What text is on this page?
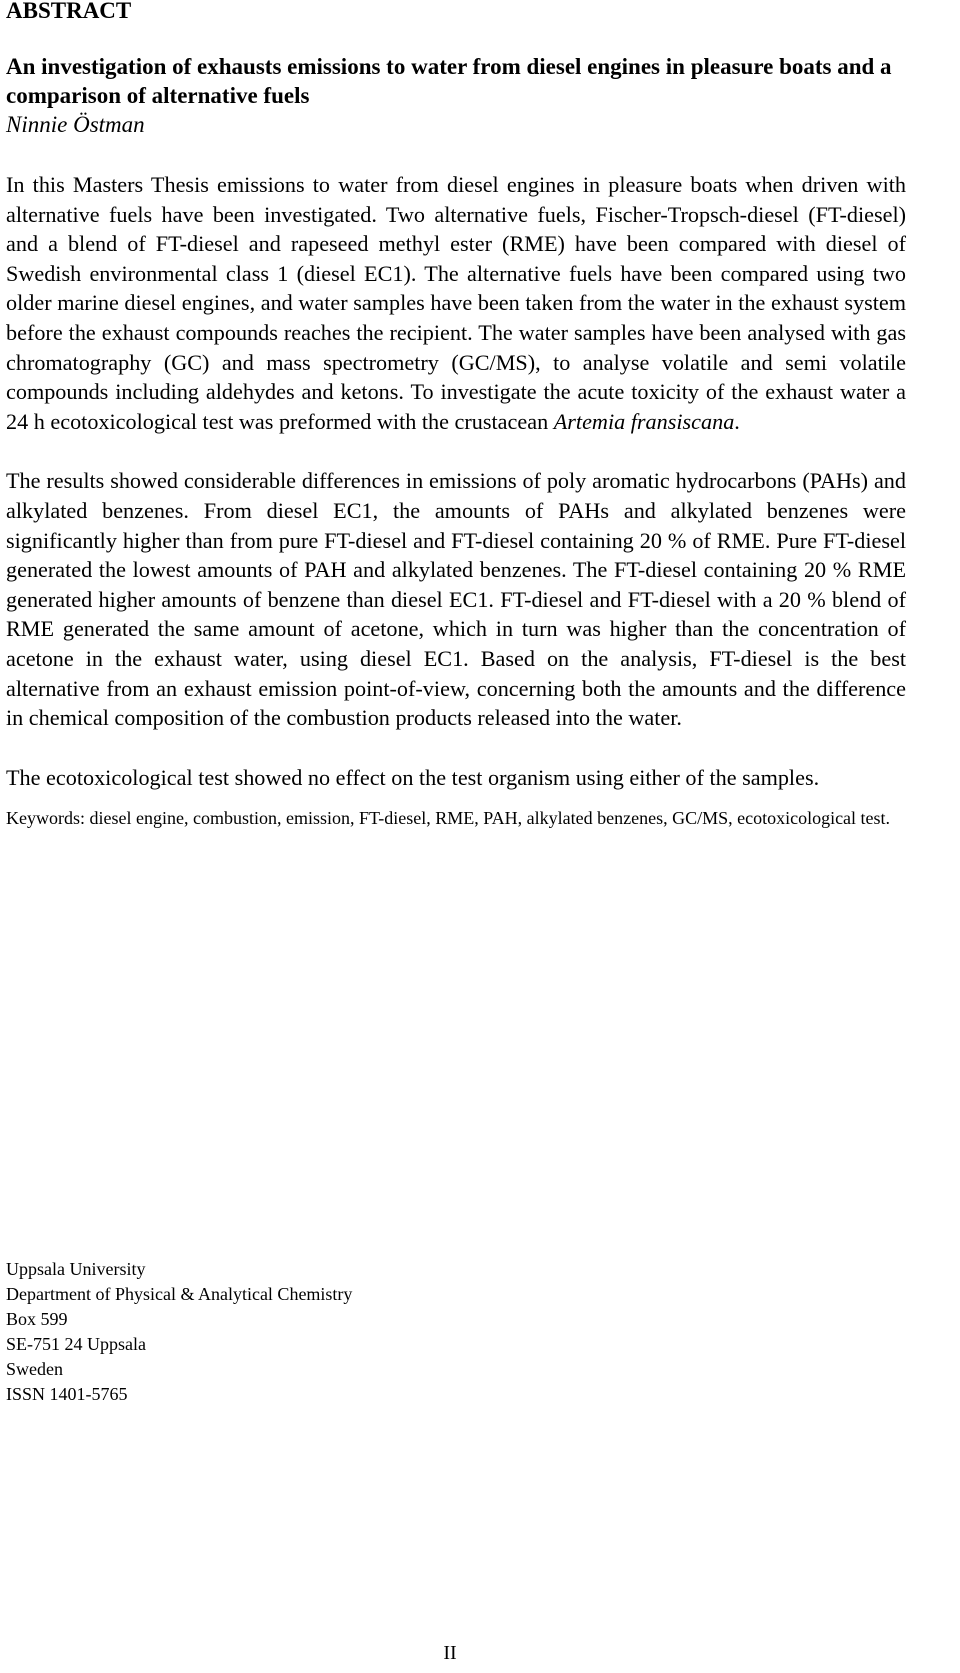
ABSTRACT
An investigation of exhausts emissions to water from diesel engines in pleasure boats and a comparison of alternative fuels
Ninnie Östman

In this Masters Thesis emissions to water from diesel engines in pleasure boats when driven with alternative fuels have been investigated. Two alternative fuels, Fischer-Tropsch-diesel (FT-diesel) and a blend of FT-diesel and rapeseed methyl ester (RME) have been compared with diesel of Swedish environmental class 1 (diesel EC1). The alternative fuels have been compared using two older marine diesel engines, and water samples have been taken from the water in the exhaust system before the exhaust compounds reaches the recipient. The water samples have been analysed with gas chromatography (GC) and mass spectrometry (GC/MS), to analyse volatile and semi volatile compounds including aldehydes and ketons. To investigate the acute toxicity of the exhaust water a 24 h ecotoxicological test was preformed with the crustacean Artemia fransiscana.

The results showed considerable differences in emissions of poly aromatic hydrocarbons (PAHs) and alkylated benzenes. From diesel EC1, the amounts of PAHs and alkylated benzenes were significantly higher than from pure FT-diesel and FT-diesel containing 20 % of RME. Pure FT-diesel generated the lowest amounts of PAH and alkylated benzenes. The FT-diesel containing 20 % RME generated higher amounts of benzene than diesel EC1. FT-diesel and FT-diesel with a 20 % blend of RME generated the same amount of acetone, which in turn was higher than the concentration of acetone in the exhaust water, using diesel EC1. Based on the analysis, FT-diesel is the best alternative from an exhaust emission point-of-view, concerning both the amounts and the difference in chemical composition of the combustion products released into the water.

The ecotoxicological test showed no effect on the test organism using either of the samples.

Keywords: diesel engine, combustion, emission, FT-diesel, RME, PAH, alkylated benzenes, GC/MS, ecotoxicological test.

Uppsala University
Department of Physical & Analytical Chemistry
Box 599
SE-751 24 Uppsala
Sweden
ISSN 1401-5765
II
